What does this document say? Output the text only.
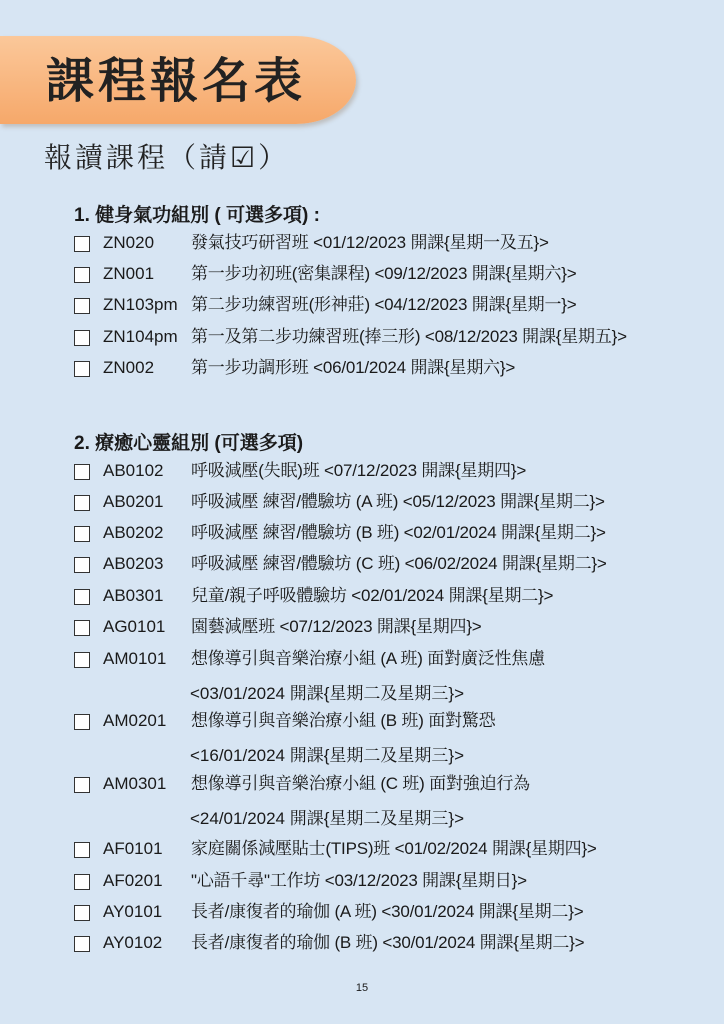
課程報名表
報讀課程（請☑）
1. 健身氣功組別 ( 可選多項) :
ZN020	發氣技巧研習班 <01/12/2023 開課{星期一及五}>
ZN001	第一步功初班(密集課程) <09/12/2023 開課{星期六}>
ZN103pm 第二步功練習班(形神莊) <04/12/2023 開課{星期一}>
ZN104pm 第一及第二步功練習班(捧三形) <08/12/2023 開課{星期五}>
ZN002	第一步功調形班 <06/01/2024 開課{星期六}>
2. 療癒心靈組別 (可選多項)
AB0102	呼吸減壓(失眠)班 <07/12/2023 開課{星期四}>
AB0201	呼吸減壓 練習/體驗坊 (A 班) <05/12/2023 開課{星期二}>
AB0202	呼吸減壓 練習/體驗坊 (B 班) <02/01/2024 開課{星期二}>
AB0203	呼吸減壓 練習/體驗坊 (C 班) <06/02/2024 開課{星期二}>
AB0301	兒童/親子呼吸體驗坊 <02/01/2024 開課{星期二}>
AG0101	園藝減壓班 <07/12/2023 開課{星期四}>
AM0101	想像導引與音樂治療小組 (A 班) 面對廣泛性焦慮
<03/01/2024 開課{星期二及星期三}>
AM0201	想像導引與音樂治療小組 (B 班) 面對驚恐
<16/01/2024 開課{星期二及星期三}>
AM0301	想像導引與音樂治療小組 (C 班) 面對強迫行為
<24/01/2024 開課{星期二及星期三}>
AF0101	家庭關係減壓貼士(TIPS)班 <01/02/2024 開課{星期四}>
AF0201	"心語千尋"工作坊 <03/12/2023 開課{星期日}>
AY0101	長者/康復者的瑜伽 (A 班) <30/01/2024 開課{星期二}>
AY0102	長者/康復者的瑜伽 (B 班) <30/01/2024 開課{星期二}>
15
